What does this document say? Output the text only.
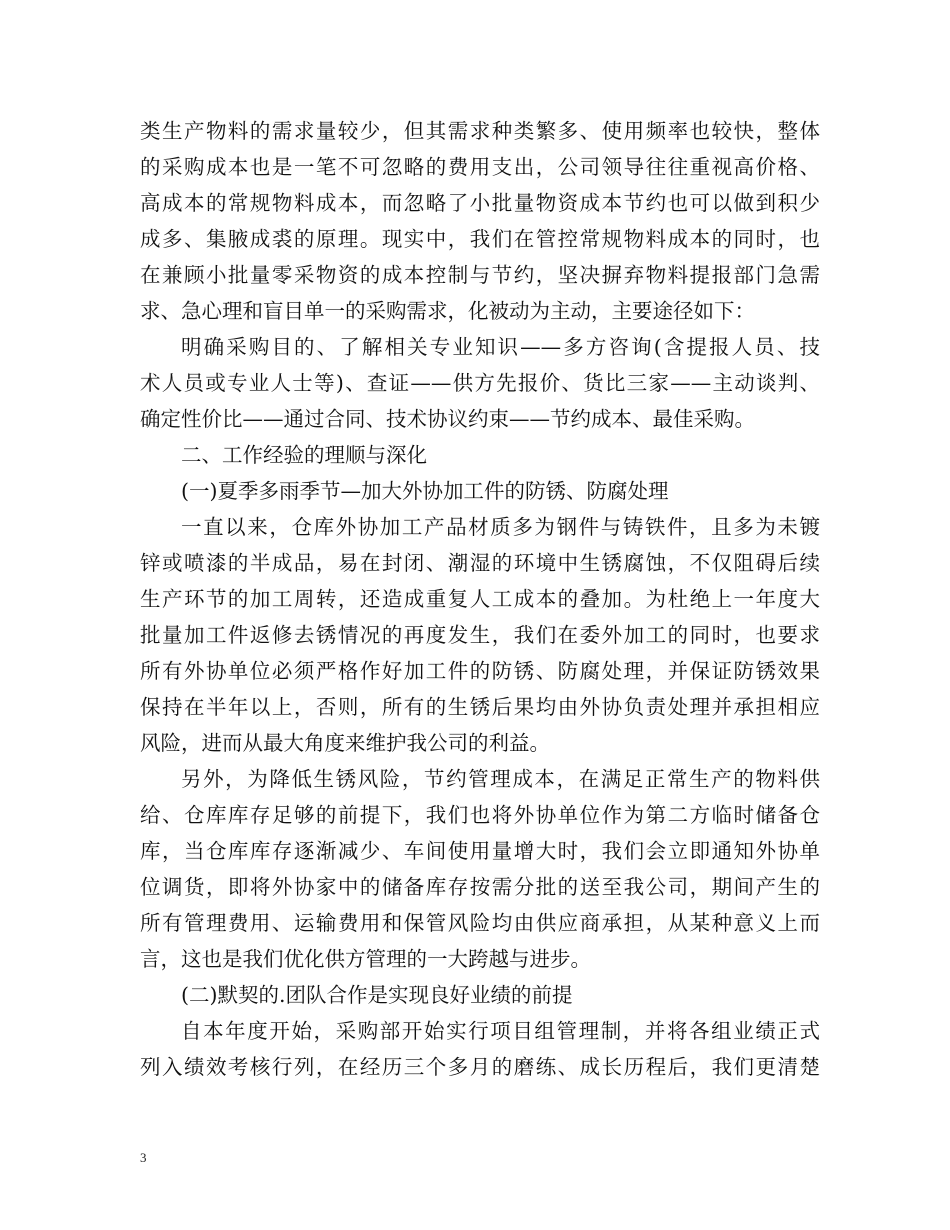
类生产物料的需求量较少，但其需求种类繁多、使用频率也较快，整体
的采购成本也是一笔不可忽略的费用支出，公司领导往往重视高价格、
高成本的常规物料成本，而忽略了小批量物资成本节约也可以做到积少
成多、集腋成裘的原理。现实中，我们在管控常规物料成本的同时，也
在兼顾小批量零采物资的成本控制与节约，坚决摒弃物料提报部门急需
求、急心理和盲目单一的采购需求，化被动为主动，主要途径如下：
明确采购目的、了解相关专业知识——多方咨询(含提报人员、技
术人员或专业人士等)、查证——供方先报价、货比三家——主动谈判、
确定性价比——通过合同、技术协议约束——节约成本、最佳采购。
二、工作经验的理顺与深化
(一)夏季多雨季节—加大外协加工件的防锈、防腐处理
一直以来，仓库外协加工产品材质多为钢件与铸铁件，且多为未镀
锌或喷漆的半成品，易在封闭、潮湿的环境中生锈腐蚀，不仅阻碍后续
生产环节的加工周转，还造成重复人工成本的叠加。为杜绝上一年度大
批量加工件返修去锈情况的再度发生，我们在委外加工的同时，也要求
所有外协单位必须严格作好加工件的防锈、防腐处理，并保证防锈效果
保持在半年以上，否则，所有的生锈后果均由外协负责处理并承担相应
风险，进而从最大角度来维护我公司的利益。
另外，为降低生锈风险，节约管理成本，在满足正常生产的物料供
给、仓库库存足够的前提下，我们也将外协单位作为第二方临时储备仓
库，当仓库库存逐渐减少、车间使用量增大时，我们会立即通知外协单
位调货，即将外协家中的储备库存按需分批的送至我公司，期间产生的
所有管理费用、运输费用和保管风险均由供应商承担，从某种意义上而
言，这也是我们优化供方管理的一大跨越与进步。
(二)默契的.团队合作是实现良好业绩的前提
自本年度开始，采购部开始实行项目组管理制，并将各组业绩正式
列入绩效考核行列，在经历三个多月的磨练、成长历程后，我们更清楚
3
